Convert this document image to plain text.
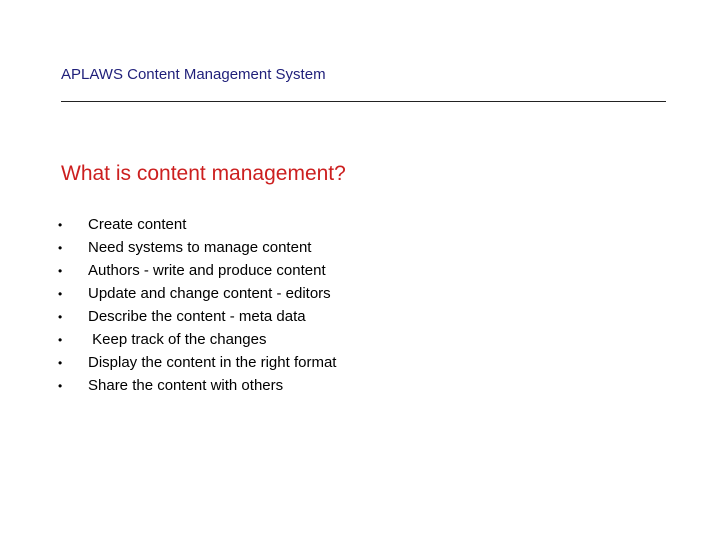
APLAWS Content Management System
What is content management?
•	Create content
•	Need systems to manage content
•	Authors - write and produce content
•	Update and change content - editors
•	Describe the content - meta data
•	Keep track of the changes
•	Display the content in the right format
•	Share the content with others
